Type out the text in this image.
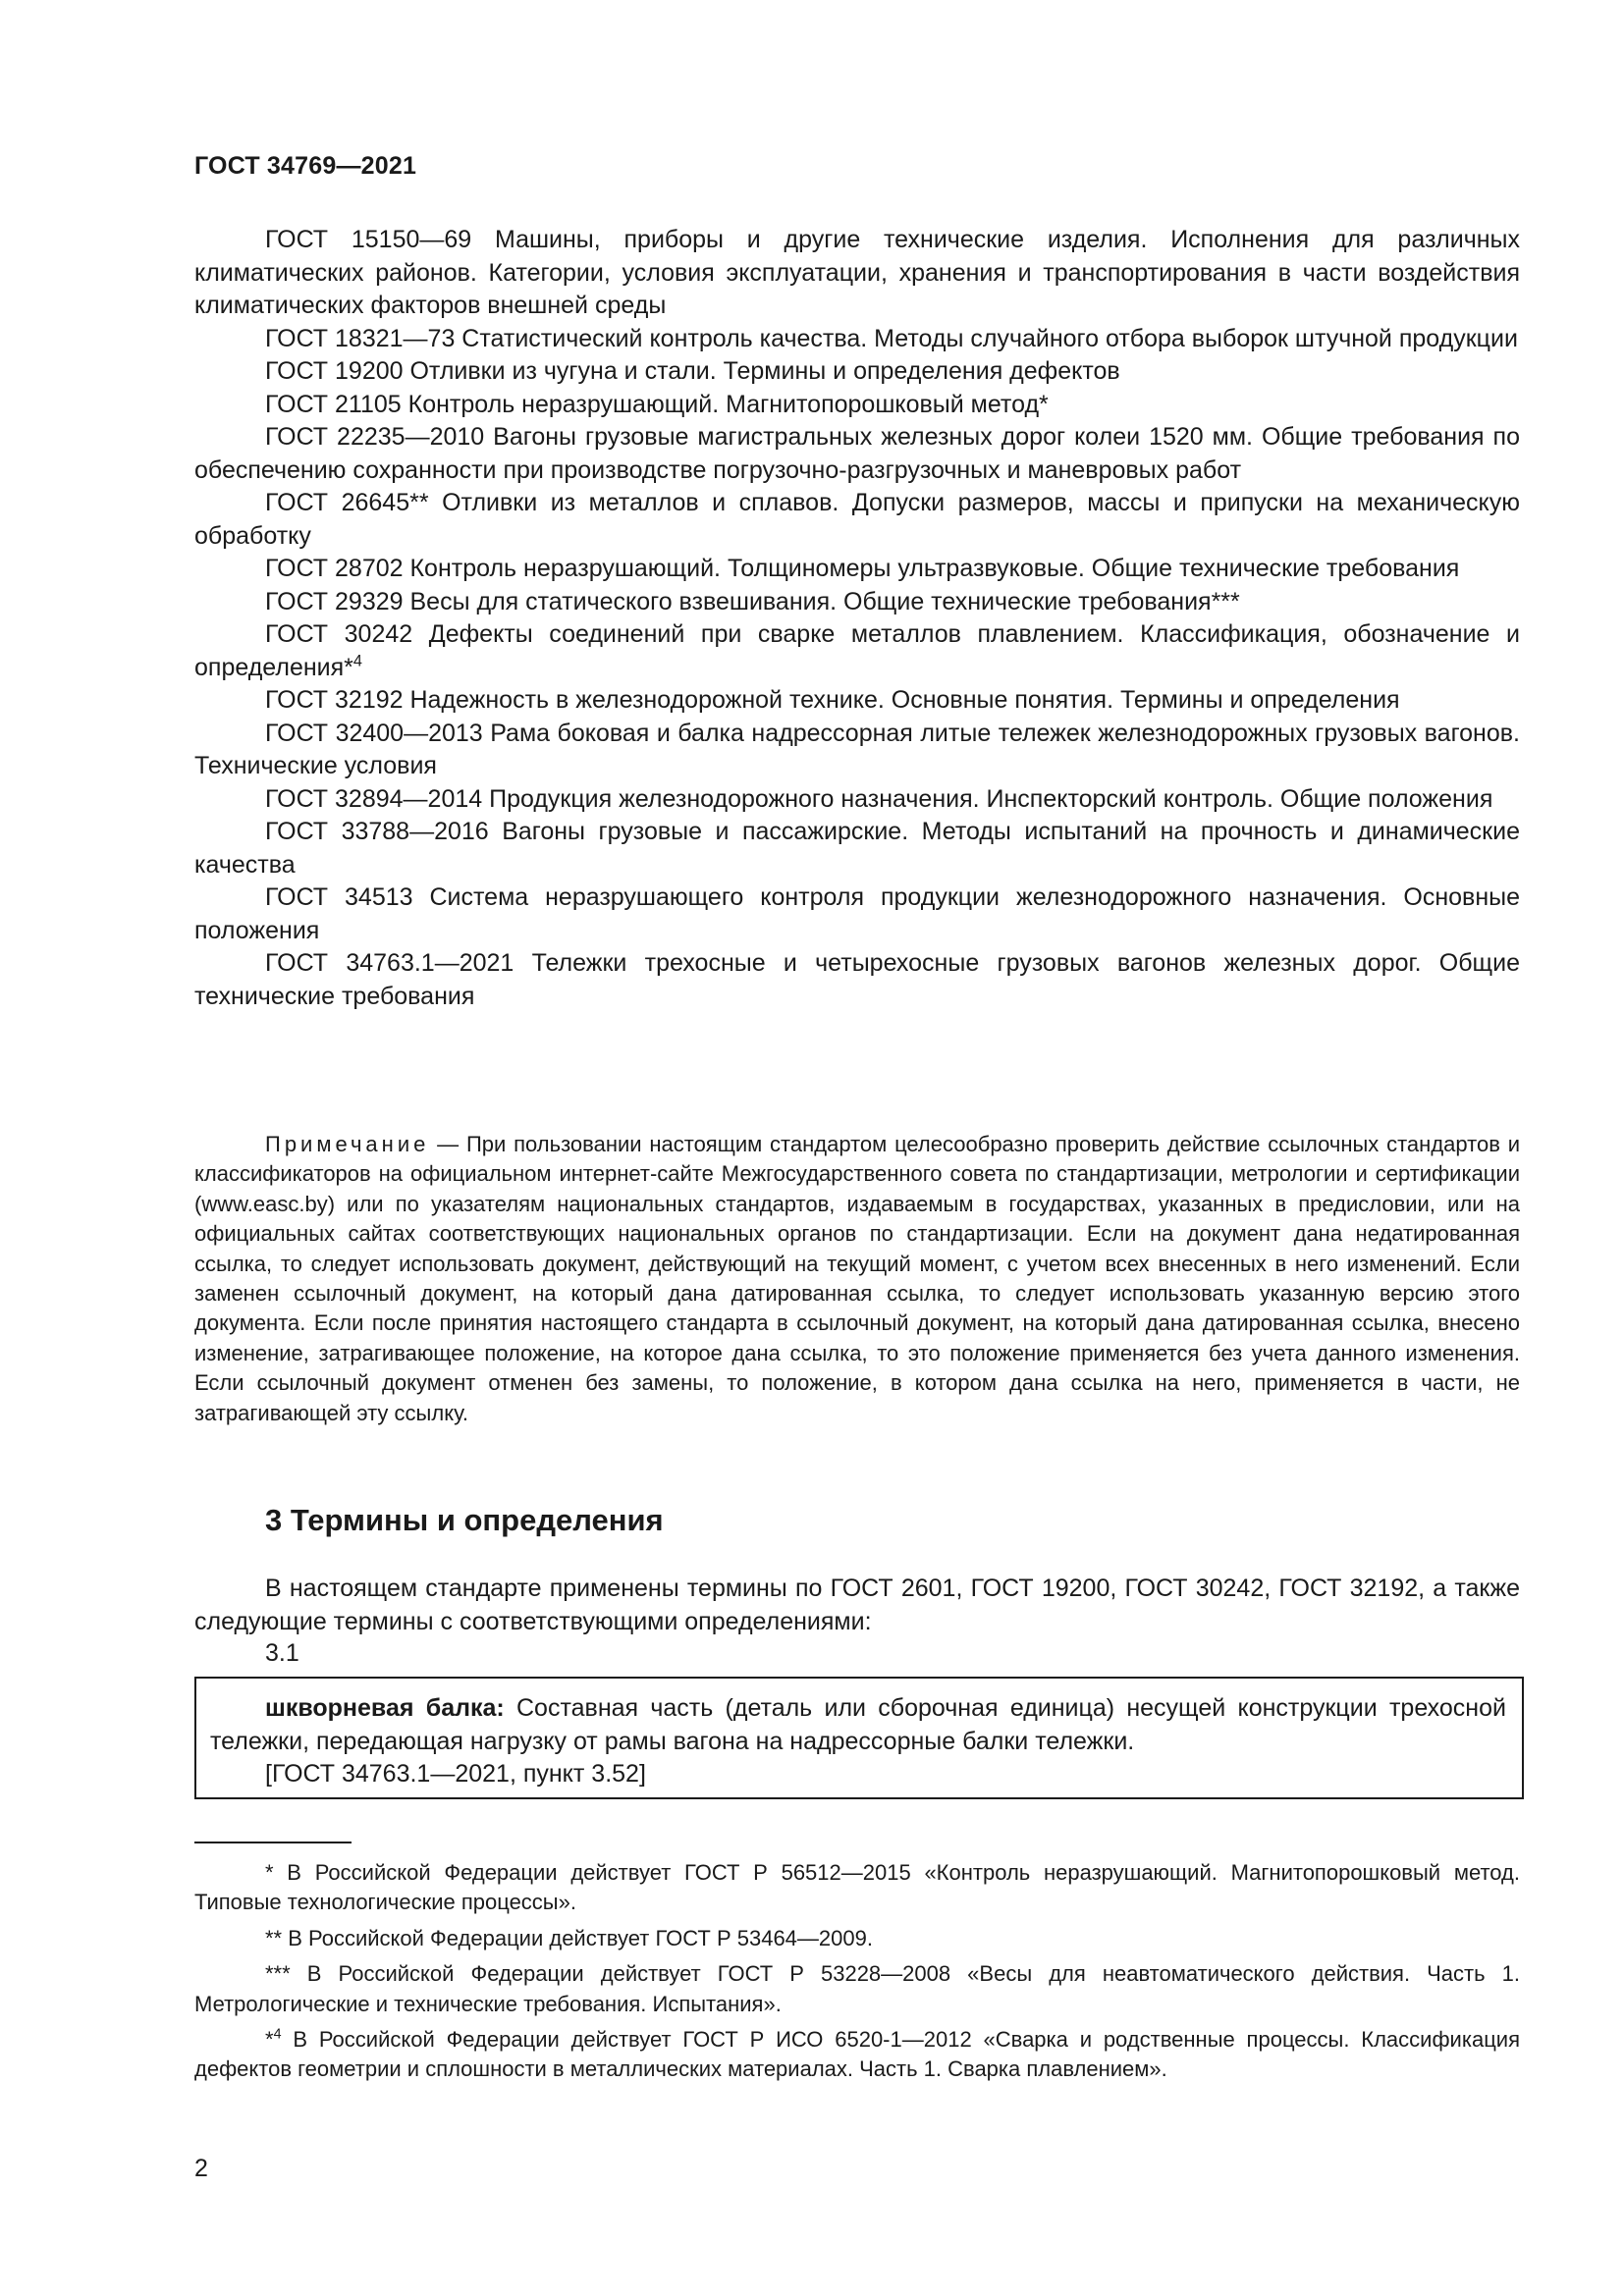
ГОСТ 34769—2021

ГОСТ 15150—69 Машины, приборы и другие технические изделия. Исполнения для различных климатических районов. Категории, условия эксплуатации, хранения и транспортирования в части воздействия климатических факторов внешней среды

ГОСТ 18321—73 Статистический контроль качества. Методы случайного отбора выборок штучной продукции

ГОСТ 19200 Отливки из чугуна и стали. Термины и определения дефектов

ГОСТ 21105 Контроль неразрушающий. Магнитопорошковый метод*

ГОСТ 22235—2010 Вагоны грузовые магистральных железных дорог колеи 1520 мм. Общие требования по обеспечению сохранности при производстве погрузочно-разгрузочных и маневровых работ

ГОСТ 26645** Отливки из металлов и сплавов. Допуски размеров, массы и припуски на механическую обработку

ГОСТ 28702 Контроль неразрушающий. Толщиномеры ультразвуковые. Общие технические требования

ГОСТ 29329 Весы для статического взвешивания. Общие технические требования***

ГОСТ 30242 Дефекты соединений при сварке металлов плавлением. Классификация, обозначение и определения*$^4$

ГОСТ 32192 Надежность в железнодорожной технике. Основные понятия. Термины и определения

ГОСТ 32400—2013 Рама боковая и балка надрессорная литые тележек железнодорожных грузовых вагонов. Технические условия

ГОСТ 32894—2014 Продукция железнодорожного назначения. Инспекторский контроль. Общие положения

ГОСТ 33788—2016 Вагоны грузовые и пассажирские. Методы испытаний на прочность и динамические качества

ГОСТ 34513 Система неразрушающего контроля продукции железнодорожного назначения. Основные положения

ГОСТ 34763.1—2021 Тележки трехосные и четырехосные грузовых вагонов железных дорог. Общие технические требования

Примечание — При пользовании настоящим стандартом целесообразно проверить действие ссылочных стандартов и классификаторов на официальном интернет-сайте Межгосударственного совета по стандартизации, метрологии и сертификации (www.easc.by) или по указателям национальных стандартов, издаваемым в государствах, указанных в предисловии, или на официальных сайтах соответствующих национальных органов по стандартизации. Если на документ дана недатированная ссылка, то следует использовать документ, действующий на текущий момент, с учетом всех внесенных в него изменений. Если заменен ссылочный документ, на который дана датированная ссылка, то следует использовать указанную версию этого документа. Если после принятия настоящего стандарта в ссылочный документ, на который дана датированная ссылка, внесено изменение, затрагивающее положение, на которое дана ссылка, то это положение применяется без учета данного изменения. Если ссылочный документ отменен без замены, то положение, в котором дана ссылка на него, применяется в части, не затрагивающей эту ссылку.

3 Термины и определения

В настоящем стандарте применены термины по ГОСТ 2601, ГОСТ 19200, ГОСТ 30242, ГОСТ 32192, а также следующие термины с соответствующими определениями:

3.1

шкворневая балка: Составная часть (деталь или сборочная единица) несущей конструкции трехосной тележки, передающая нагрузку от рамы вагона на надрессорные балки тележки.

[ГОСТ 34763.1—2021, пункт 3.52]

* В Российской Федерации действует ГОСТ Р 56512—2015 «Контроль неразрушающий. Магнитопорошковый метод. Типовые технологические процессы».

** В Российской Федерации действует ГОСТ Р 53464—2009.

*** В Российской Федерации действует ГОСТ Р 53228—2008 «Весы для неавтоматического действия. Часть 1. Метрологические и технические требования. Испытания».

*$^4$ В Российской Федерации действует ГОСТ Р ИСО 6520-1—2012 «Сварка и родственные процессы. Классификация дефектов геометрии и сплошности в металлических материалах. Часть 1. Сварка плавлением».

2
